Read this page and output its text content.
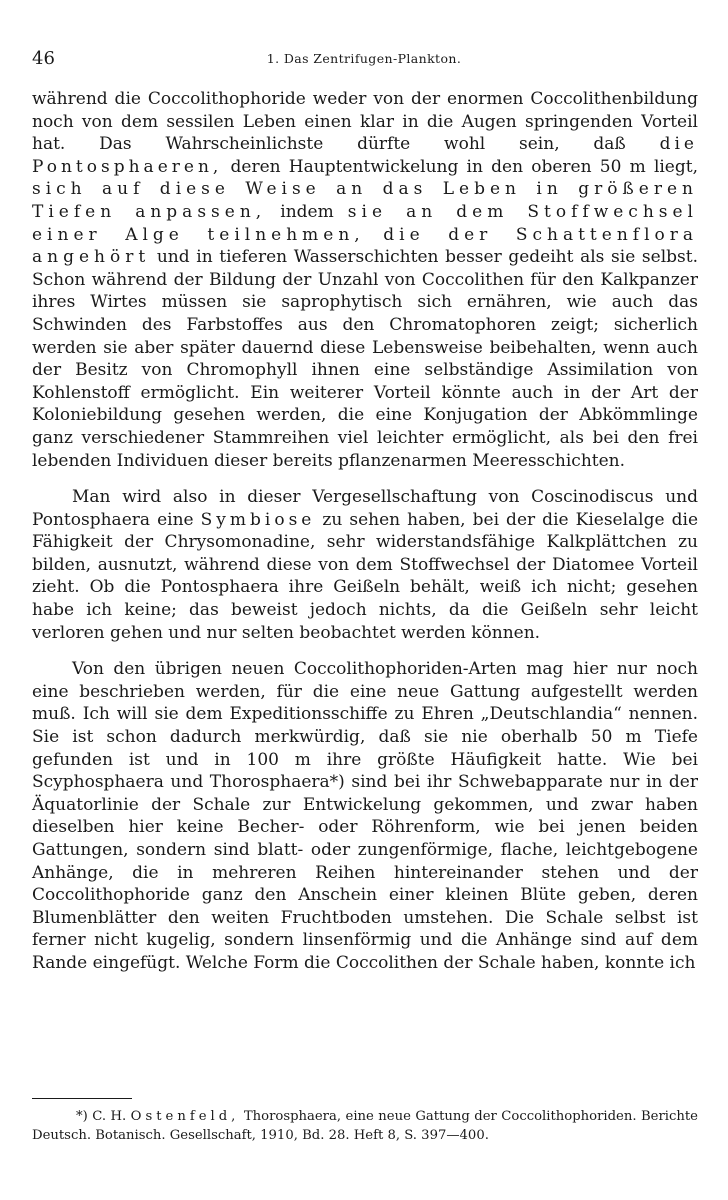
46	1. Das Zentrifugen-Plankton.

während die Coccolithophoride weder von der enormen Coccolithenbildung noch von dem sessilen Leben einen klar in die Augen springenden Vorteil hat. Das Wahrscheinlichste dürfte wohl sein, daß die Pontosphaeren, deren Hauptentwickelung in den oberen 50 m liegt, sich auf diese Weise an das Leben in größeren Tiefen anpassen, indem sie an dem Stoffwechsel einer Alge teilnehmen, die der Schattenflora angehört und in tieferen Wasserschichten besser gedeiht als sie selbst. Schon während der Bildung der Unzahl von Coccolithen für den Kalkpanzer ihres Wirtes müssen sie saprophytisch sich ernähren, wie auch das Schwinden des Farbstoffes aus den Chromatophoren zeigt; sicherlich werden sie aber später dauernd diese Lebensweise beibehalten, wenn auch der Besitz von Chromophyll ihnen eine selbständige Assimilation von Kohlenstoff ermöglicht. Ein weiterer Vorteil könnte auch in der Art der Koloniebildung gesehen werden, die eine Konjugation der Abkömmlinge ganz verschiedener Stammreihen viel leichter ermöglicht, als bei den frei lebenden Individuen dieser bereits pflanzenarmen Meeresschichten.

Man wird also in dieser Vergesellschaftung von Coscinodiscus und Pontosphaera eine Symbiose zu sehen haben, bei der die Kieselalge die Fähigkeit der Chrysomonadine, sehr widerstandsfähige Kalkplättchen zu bilden, ausnutzt, während diese von dem Stoffwechsel der Diatomee Vorteil zieht. Ob die Pontosphaera ihre Geißeln behält, weiß ich nicht; gesehen habe ich keine; das beweist jedoch nichts, da die Geißeln sehr leicht verloren gehen und nur selten beobachtet werden können.

Von den übrigen neuen Coccolithophoriden-Arten mag hier nur noch eine beschrieben werden, für die eine neue Gattung aufgestellt werden muß. Ich will sie dem Expeditionsschiffe zu Ehren „Deutschlandia“ nennen. Sie ist schon dadurch merkwürdig, daß sie nie oberhalb 50 m Tiefe gefunden ist und in 100 m ihre größte Häufigkeit hatte. Wie bei Scyphosphaera und Thorosphaera*) sind bei ihr Schwebapparate nur in der Äquatorlinie der Schale zur Entwickelung gekommen, und zwar haben dieselben hier keine Becher- oder Röhrenform, wie bei jenen beiden Gattungen, sondern sind blatt- oder zungenförmige, flache, leichtgebogene Anhänge, die in mehreren Reihen hintereinander stehen und der Coccolithophoride ganz den Anschein einer kleinen Blüte geben, deren Blumenblätter den weiten Fruchtboden umstehen. Die Schale selbst ist ferner nicht kugelig, sondern linsenförmig und die Anhänge sind auf dem Rande eingefügt. Welche Form die Coccolithen der Schale haben, konnte ich

*) C. H. Ostenfeld, Thorosphaera, eine neue Gattung der Coccolithophoriden. Berichte Deutsch. Botanisch. Gesellschaft, 1910, Bd. 28. Heft 8, S. 397—400.
